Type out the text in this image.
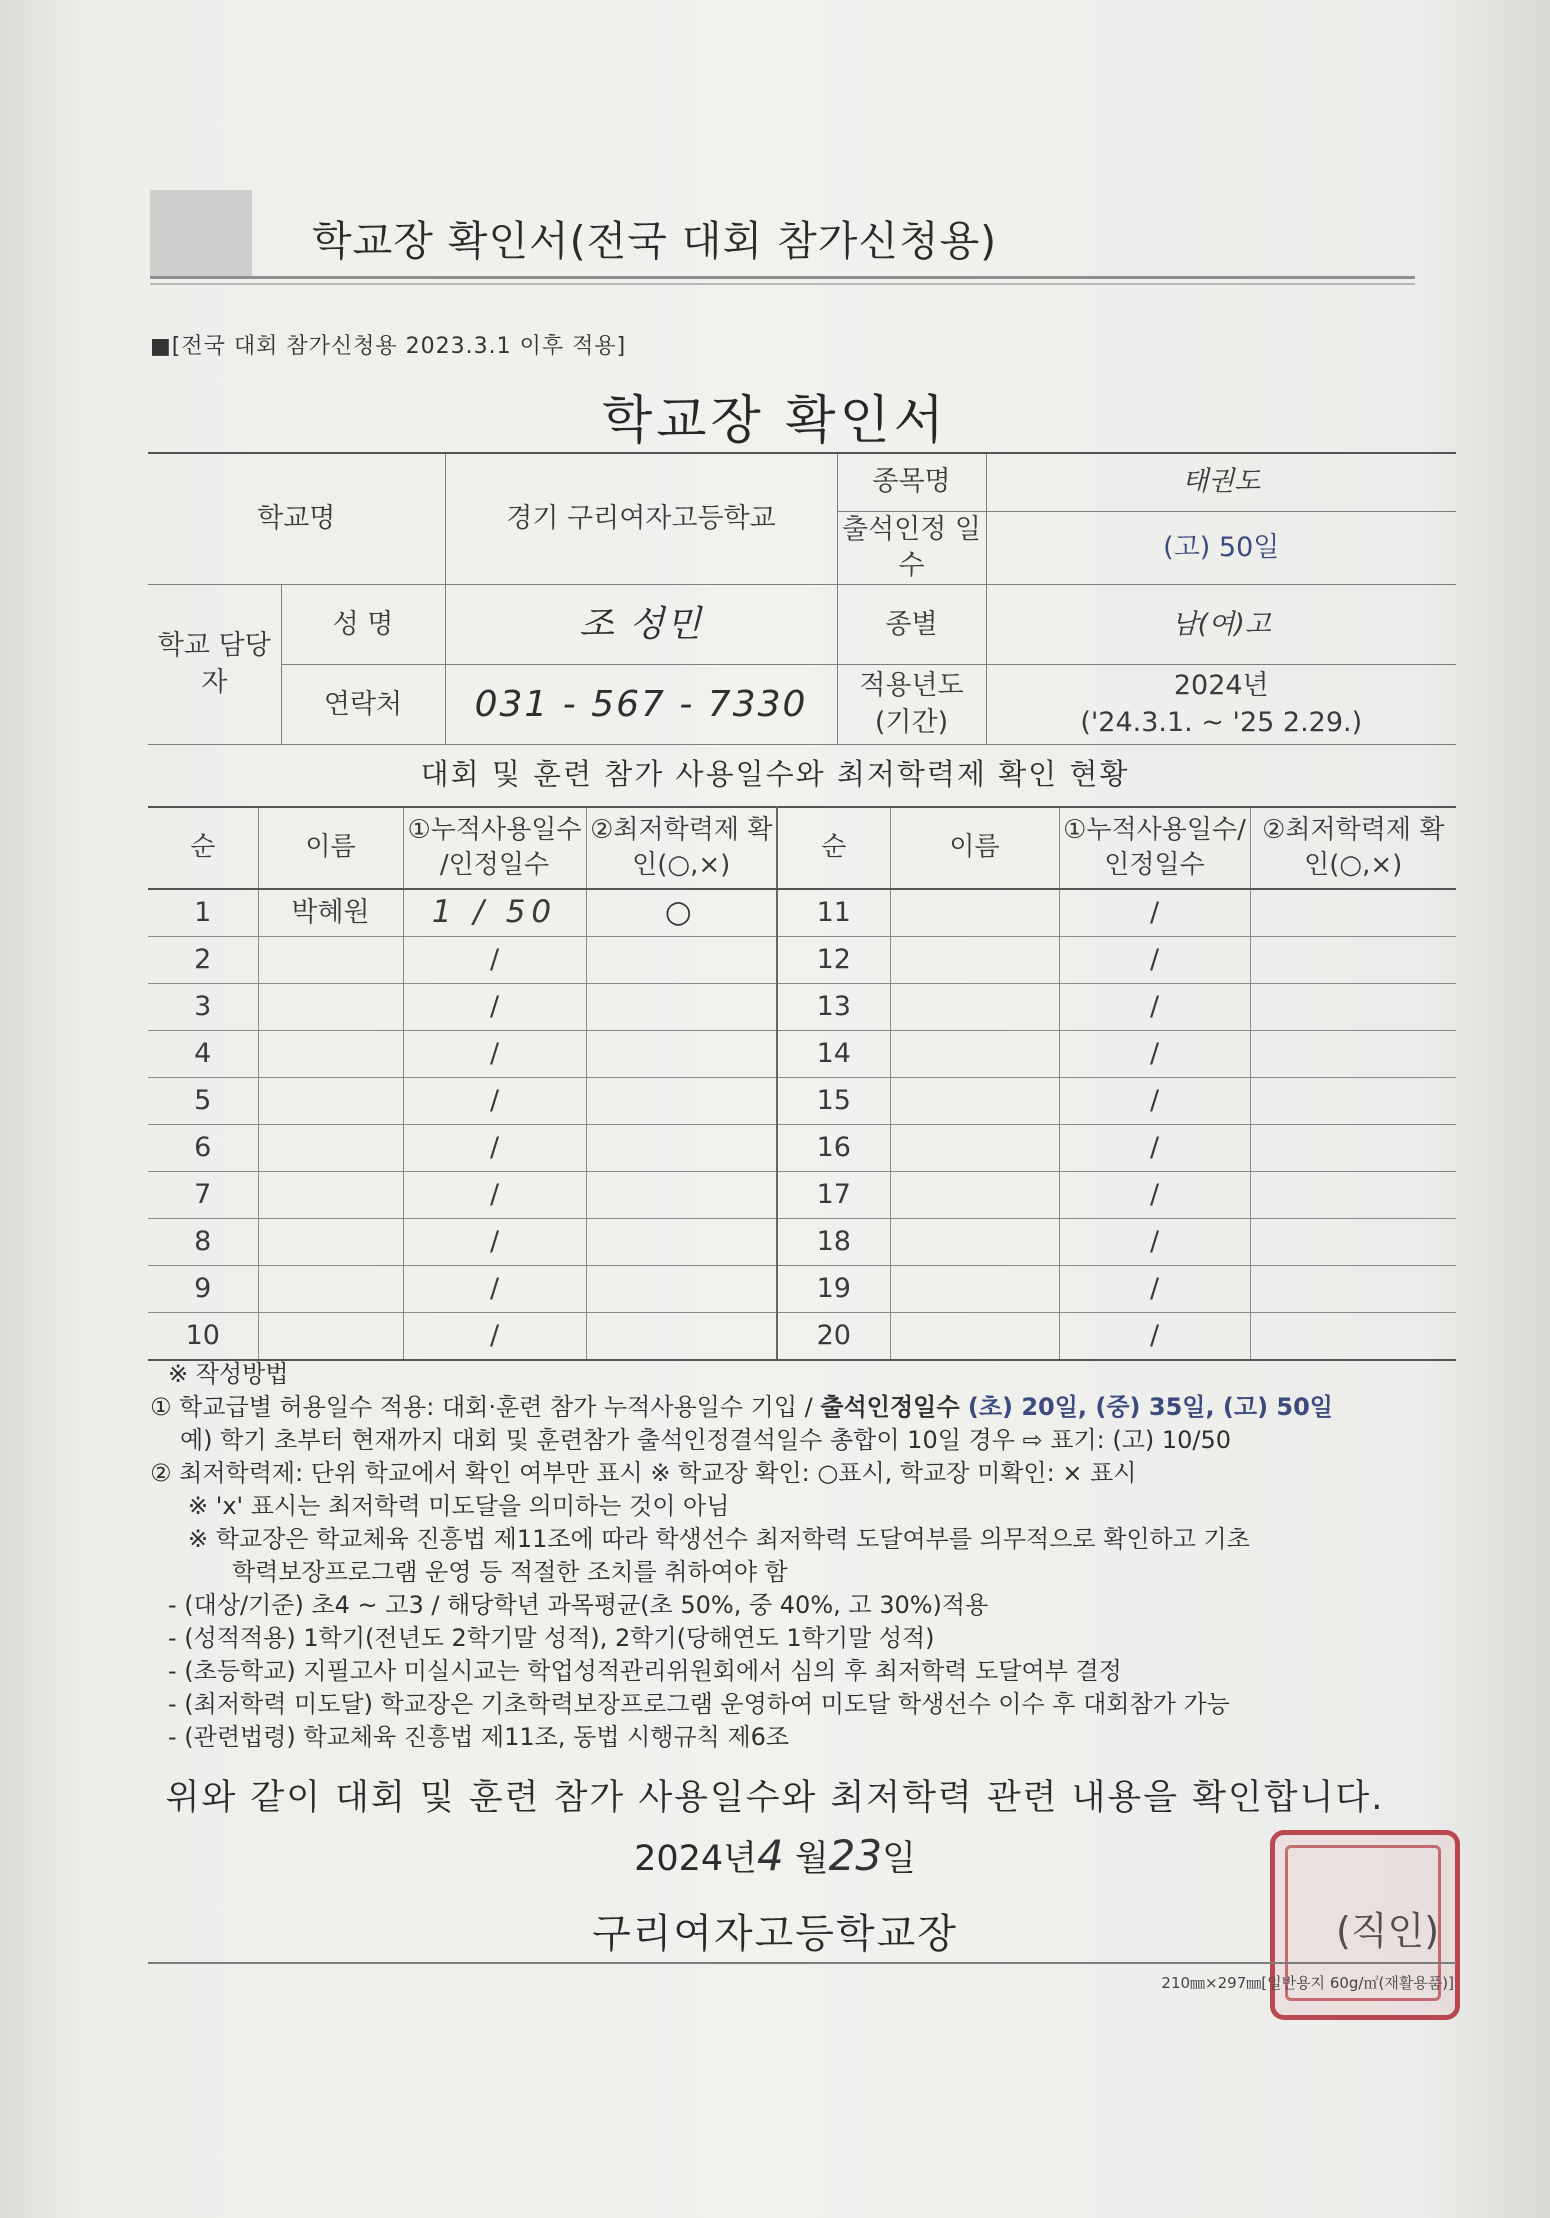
학교장 확인서(전국 대회 참가신청용)
■[전국 대회 참가신청용 2023.3.1 이후 적용]
학교장 확인서
학교명		경기 구리여자고등학교	종목명	태권도
			출석인정 일수	(고) 50일
학교 담당자	성 명	조 성민	종별	남(여)고
	연락처	031 - 567 - 7330	적용년도 (기간)	2024년
('24.3.1. ~ '25 2.29.)
대회 및 훈련 참가 사용일수와 최저학력제 확인 현황
순	이름	①누적사용일수 /인정일수	②최저학력제 확인(○,×)	순	이름	①누적사용일수/ 인정일수	②최저학력제 확인(○,×)
1	박혜원	1 / 50	○	11		/	
2		/		12		/	
3		/		13		/	
4		/		14		/	
5		/		15		/	
6		/		16		/	
7		/		17		/	
8		/		18		/	
9		/		19		/	
10		/		20		/	
※ 작성방법
① 학교급별 허용일수 적용: 대회·훈련 참가 누적사용일수 기입 / 출석인정일수 (초) 20일, (중) 35일, (고) 50일
예) 학기 초부터 현재까지 대회 및 훈련참가 출석인정결석일수 총합이 10일 경우 ⇨ 표기: (고) 10/50
② 최저학력제: 단위 학교에서 확인 여부만 표시 ※ 학교장 확인: ○표시, 학교장 미확인: × 표시
※ 'x' 표시는 최저학력 미도달을 의미하는 것이 아님
※ 학교장은 학교체육 진흥법 제11조에 따라 학생선수 최저학력 도달여부를 의무적으로 확인하고 기초
학력보장프로그램 운영 등 적절한 조치를 취하여야 함
- (대상/기준) 초4 ~ 고3 / 해당학년 과목평균(초 50%, 중 40%, 고 30%)적용
- (성적적용) 1학기(전년도 2학기말 성적), 2학기(당해연도 1학기말 성적)
- (초등학교) 지필고사 미실시교는 학업성적관리위원회에서 심의 후 최저학력 도달여부 결정
- (최저학력 미도달) 학교장은 기초학력보장프로그램 운영하여 미도달 학생선수 이수 후 대회참가 가능
- (관련법령) 학교체육 진흥법 제11조, 동법 시행규칙 제6조
위와 같이 대회 및 훈련 참가 사용일수와 최저학력 관련 내용을 확인합니다.
2024년4 월23일
구리여자고등학교장	(직인)
210㎜×297㎜[일반용지 60g/㎡(재활용품)]
